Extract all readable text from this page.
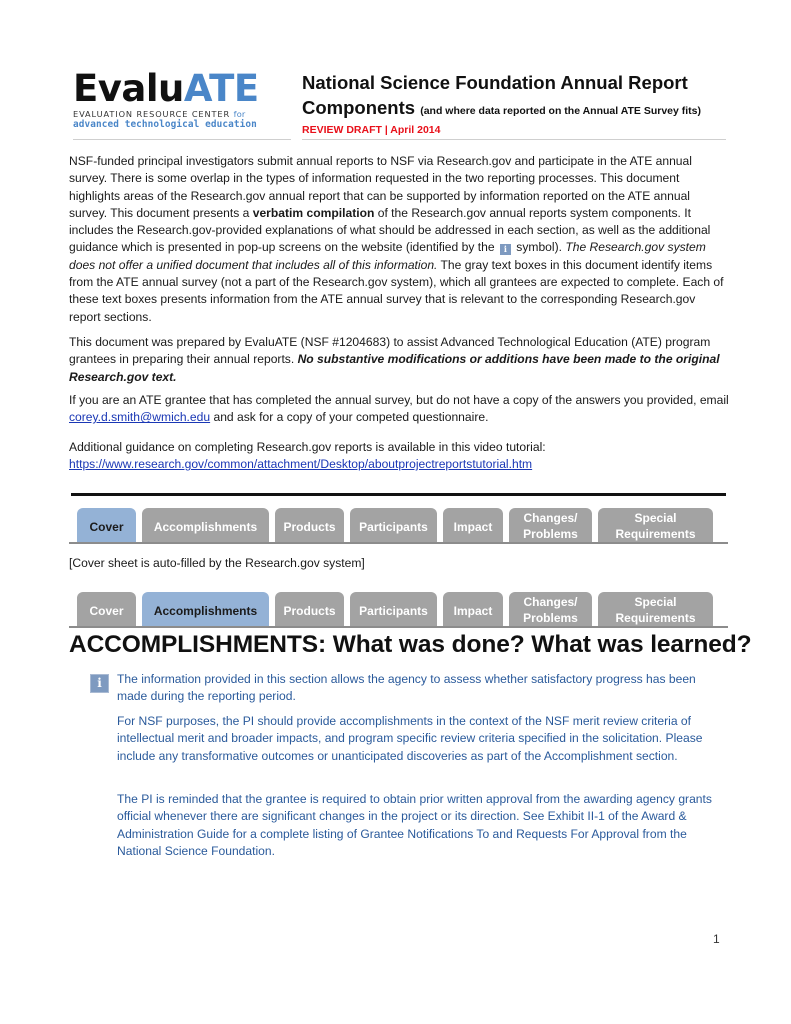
EvaluATE
EVALUATION RESOURCE CENTER for
advanced technological education
National Science Foundation Annual Report
Components (and where data reported on the Annual ATE Survey fits)
REVIEW DRAFT | April 2014

NSF-funded principal investigators submit annual reports to NSF via Research.gov and participate in the ATE annual survey. There is some overlap in the types of information requested in the two reporting processes. This document highlights areas of the Research.gov annual report that can be supported by information reported on the ATE annual survey. This document presents a verbatim compilation of the Research.gov annual reports system components. It includes the Research.gov-provided explanations of what should be addressed in each section, as well as the additional guidance which is presented in pop-up screens on the website (identified by the i symbol). The Research.gov system does not offer a unified document that includes all of this information. The gray text boxes in this document identify items from the ATE annual survey (not a part of the Research.gov system), which all grantees are expected to complete. Each of these text boxes presents information from the ATE annual survey that is relevant to the corresponding Research.gov report sections.

This document was prepared by EvaluATE (NSF #1204683) to assist Advanced Technological Education (ATE) program grantees in preparing their annual reports. No substantive modifications or additions have been made to the original Research.gov text.

If you are an ATE grantee that has completed the annual survey, but do not have a copy of the answers you provided, email corey.d.smith@wmich.edu and ask for a copy of your competed questionnaire.

Additional guidance on completing Research.gov reports is available in this video tutorial:
https://www.research.gov/common/attachment/Desktop/aboutprojectreportstutorial.htm

Cover	Accomplishments Products Participants Impact
Changes/
Problems
Special
Requirements
[Cover sheet is auto-filled by the Research.gov system]
Cover	Accomplishments Products Participants Impact
Changes/
Problems
Special
Requirements
ACCOMPLISHMENTS: What was done? What was learned?
i	The information provided in this section allows the agency to assess whether satisfactory progress has been made during the reporting period.

For NSF purposes, the PI should provide accomplishments in the context of the NSF merit review criteria of intellectual merit and broader impacts, and program specific review criteria specified in the solicitation. Please include any transformative outcomes or unanticipated discoveries as part of the Accomplishment section.

The PI is reminded that the grantee is required to obtain prior written approval from the awarding agency grants official whenever there are significant changes in the project or its direction. See Exhibit II-1 of the Award & Administration Guide for a complete listing of Grantee Notifications To and Requests For Approval from the National Science Foundation.

1
